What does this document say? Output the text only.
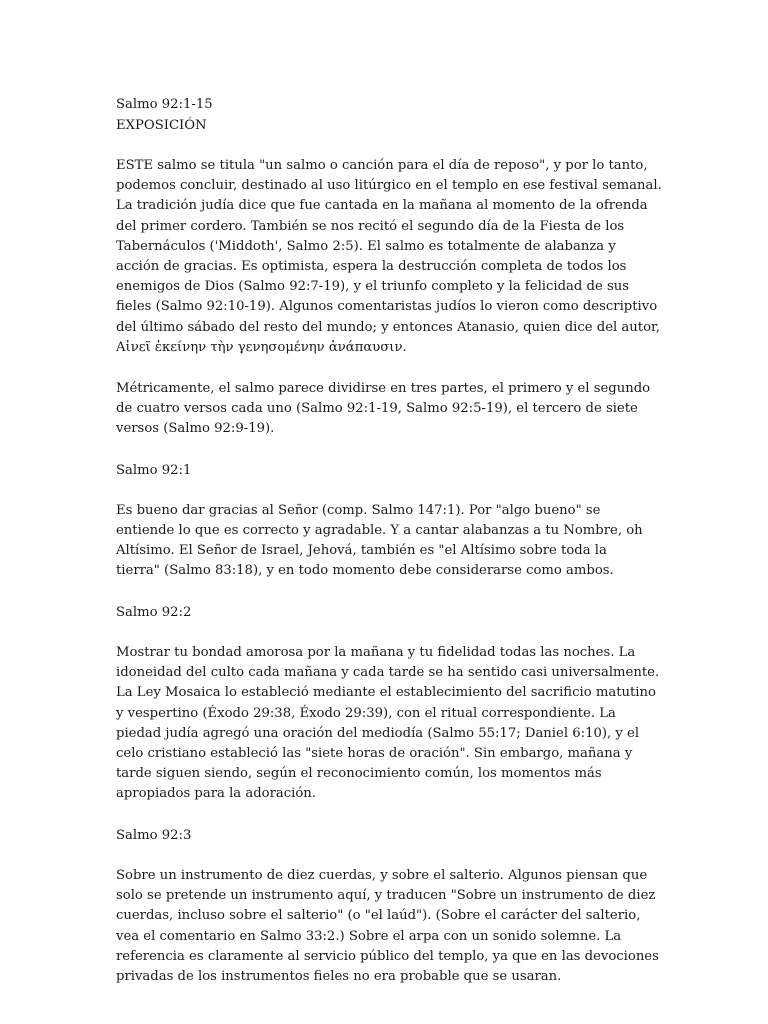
Salmo 92:1-15
EXPOSICIÓN
ESTE salmo se titula "un salmo o canción para el día de reposo", y por lo tanto,
podemos concluir, destinado al uso litúrgico en el templo en ese festival semanal.
La tradición judía dice que fue cantada en la mañana al momento de la ofrenda
del primer cordero. También se nos recitó el segundo día de la Fiesta de los
Tabernáculos ('Middoth', Salmo 2:5). El salmo es totalmente de alabanza y
acción de gracias. Es optimista, espera la destrucción completa de todos los
enemigos de Dios (Salmo 92:7-19), y el triunfo completo y la felicidad de sus
fieles (Salmo 92:10-19). Algunos comentaristas judíos lo vieron como descriptivo
del último sábado del resto del mundo; y entonces Atanasio, quien dice del autor,
Αἰνεῖ ἐκείνην τὴν γενησομένην ἀνάπαυσιν.
Métricamente, el salmo parece dividirse en tres partes, el primero y el segundo
de cuatro versos cada uno (Salmo 92:1-19, Salmo 92:5-19), el tercero de siete
versos (Salmo 92:9-19).
Salmo 92:1
Es bueno dar gracias al Señor (comp. Salmo 147:1). Por "algo bueno" se
entiende lo que es correcto y agradable. Y a cantar alabanzas a tu Nombre, oh
Altísimo. El Señor de Israel, Jehová, también es "el Altísimo sobre toda la
tierra" (Salmo 83:18), y en todo momento debe considerarse como ambos.
Salmo 92:2
Mostrar tu bondad amorosa por la mañana y tu fidelidad todas las noches. La
idoneidad del culto cada mañana y cada tarde se ha sentido casi universalmente.
La Ley Mosaica lo estableció mediante el establecimiento del sacrificio matutino
y vespertino (Éxodo 29:38, Éxodo 29:39), con el ritual correspondiente. La
piedad judía agregó una oración del mediodía (Salmo 55:17; Daniel 6:10), y el
celo cristiano estableció las "siete horas de oración". Sin embargo, mañana y
tarde siguen siendo, según el reconocimiento común, los momentos más
apropiados para la adoración.
Salmo 92:3
Sobre un instrumento de diez cuerdas, y sobre el salterio. Algunos piensan que
solo se pretende un instrumento aquí, y traducen "Sobre un instrumento de diez
cuerdas, incluso sobre el salterio" (o "el laúd"). (Sobre el carácter del salterio,
vea el comentario en Salmo 33:2.) Sobre el arpa con un sonido solemne. La
referencia es claramente al servicio público del templo, ya que en las devociones
privadas de los instrumentos fieles no era probable que se usaran.
